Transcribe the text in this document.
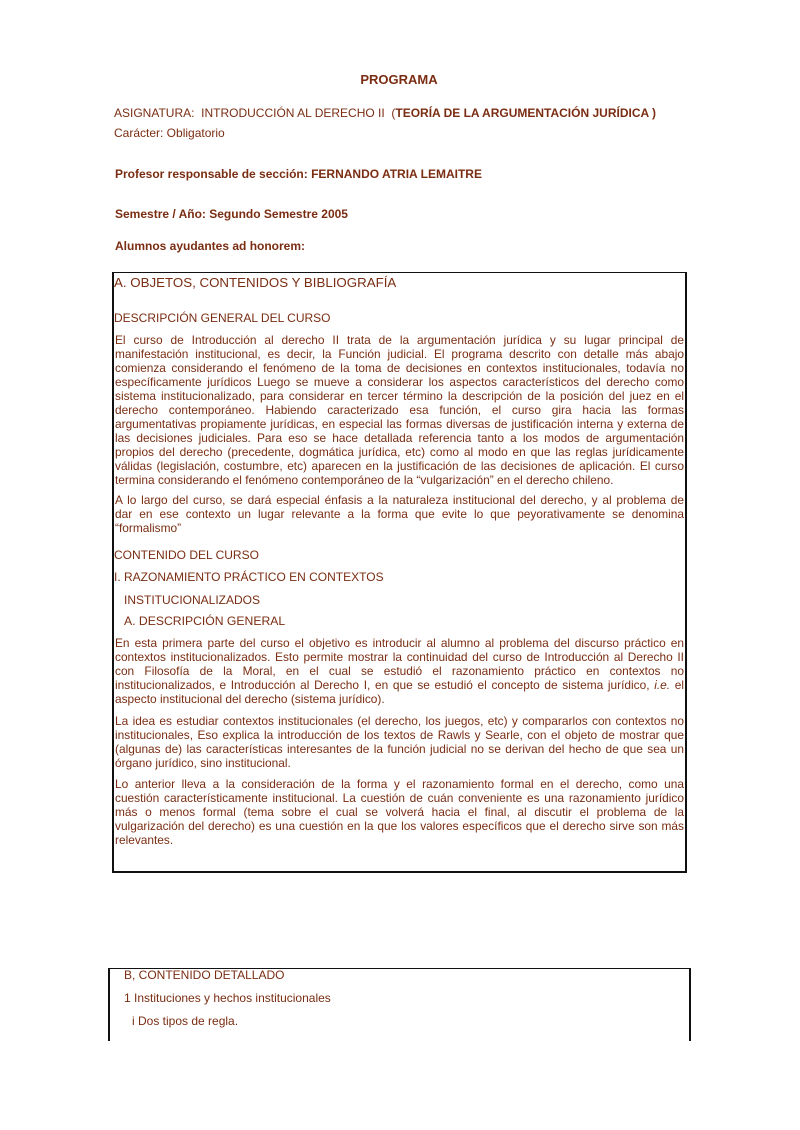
PROGRAMA
ASIGNATURA:  INTRODUCCIÓN AL DERECHO II  (TEORÍA DE LA ARGUMENTACIÓN JURÍDICA )
Carácter: Obligatorio
Profesor responsable de sección: FERNANDO ATRIA LEMAITRE
Semestre / Año: Segundo Semestre 2005
Alumnos ayudantes ad honorem:
A. OBJETOS, CONTENIDOS Y BIBLIOGRAFÍA
DESCRIPCIÓN GENERAL DEL CURSO
El curso de Introducción al derecho II trata de la argumentación jurídica y su lugar principal de
manifestación institucional, es decir, la Función judicial. El programa descrito con detalle más abajo
comienza considerando el fenómeno de la toma de decisiones en contextos institucionales, todavía no
específicamente jurídicos Luego se mueve a considerar los aspectos característicos del derecho como
sistema institucionalizado, para considerar en tercer término la descripción de la posición del juez en el
derecho contemporáneo. Habiendo caracterizado esa función, el curso gira hacia las formas
argumentativas propiamente jurídicas, en especial las formas diversas de justificación interna y externa de
las decisiones judiciales. Para eso se hace detallada referencia tanto a los modos de argumentación
propios del derecho (precedente, dogmática jurídica, etc) como al modo en que las reglas jurídicamente
válidas (legislación, costumbre, etc) aparecen en la justificación de las decisiones de aplicación. El curso
termina considerando el fenómeno contemporáneo de la “vulgarización” en el derecho chileno.
A lo largo del curso, se dará especial énfasis a la naturaleza institucional del derecho, y al problema de
dar en ese contexto un lugar relevante a la forma que evite lo que peyorativamente se denomina
“formalismo”
CONTENIDO DEL CURSO
I. RAZONAMIENTO PRÁCTICO EN CONTEXTOS
INSTITUCIONALIZADOS
A. DESCRIPCIÓN GENERAL
En esta primera parte del curso el objetivo es introducir al alumno al problema del discurso práctico en
contextos institucionalizados. Esto permite mostrar la continuidad del curso de Introducción al Derecho II
con Filosofía de la Moral, en el cual se estudió el razonamiento práctico en contextos no
institucionalizados, e Introducción al Derecho I, en que se estudió el concepto de sistema jurídico, i.e. el
aspecto institucional del derecho (sistema jurídico).
La idea es estudiar contextos institucionales (el derecho, los juegos, etc) y compararlos con contextos no
institucionales, Eso explica la introducción de los textos de Rawls y Searle, con el objeto de mostrar que
(algunas de) las características interesantes de la función judicial no se derivan del hecho de que sea un
órgano jurídico, sino institucional.
Lo anterior lleva a la consideración de la forma y el razonamiento formal en el derecho, como una
cuestión característicamente institucional. La cuestión de cuán conveniente es una razonamiento jurídico
más o menos formal (tema sobre el cual se volverá hacia el final, al discutir el problema de la
vulgarización del derecho) es una cuestión en la que los valores específicos que el derecho sirve son más
relevantes.
B, CONTENIDO DETALLADO
1 Instituciones y hechos institucionales
i Dos tipos de regla.
